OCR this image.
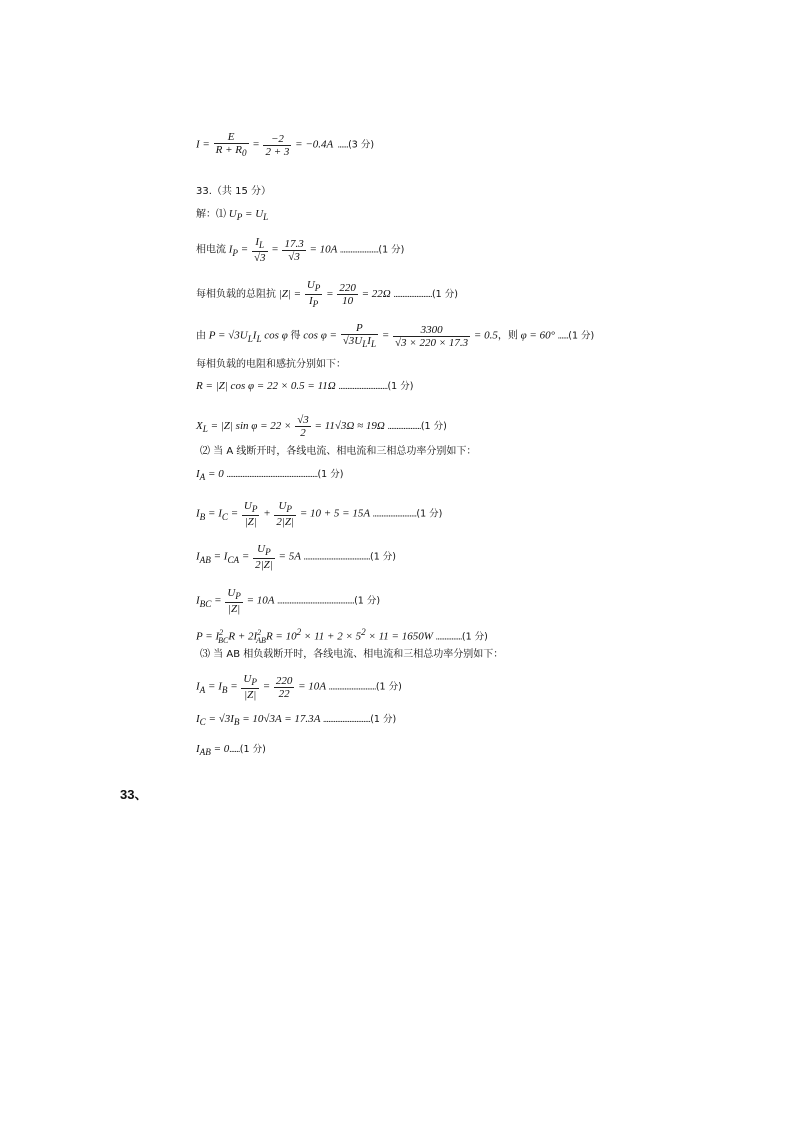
$I = \frac{E}{R + R_0} = \frac{-2}{2 + 3} = -0.4A$  ......(3 分)
33.（共 15 分）
解：⑴ $U_P = U_L$
相电流 $I_P = \frac{I_L}{√3} = \frac{17.3}{√3} = 10A$ ......................(1 分)
每相负载的总阻抗 $|Z| = \frac{U_P}{I_P} = \frac{220}{10} = 22\Omega$ ......................(1 分)
由 $P = √3U_LI_L$ cos φ 得 $\cos \varphi = \frac{P}{√3U_LI_L} = \frac{3300}{√3 \times 220 \times 17.3} = 0.5$，则 φ = 60° ......(1 分)
每相负载的电阻和感抗分别如下：
R = |Z| cos φ = 22 × 0.5 = 11Ω ............................(1 分)
$X_L = |Z|$ $\sin \varphi = 22 \times \frac{√3}{2} = 11√3\Omega \approx 19\Omega$ ...................(1 分)
⑵ 当 A 线断开时，各线电流、相电流和三相总功率分别如下：
$I_A = 0$ ....................................................(1 分)
$I_B = I_C = \frac{U_P}{|Z|} + \frac{U_P}{2|Z|} = 10 + 5 = 15A$ .........................(1 分)
$I_{AB} = I_{CA} = \frac{U_P}{2|Z|} = 5A$ ......................................(1 分)
$I_{BC} = \frac{U_P}{|Z|} = 10A$ ............................................(1 分)
$P = I^2_{BC}R + 2I^2_{AB}R = 10^2 \times 11 + 2 \times 5^2 \times 11 = 1650W$ ...............(1 分)
⑶ 当 AB 相负载断开时，各线电流、相电流和三相总功率分别如下：
$I_A = I_B = \frac{U_P}{|Z|} = \frac{220}{22} = 10A$ ...........................(1 分)
$I_C = √3I_B = 10√3A = 17.3A$ ...........................(1 分)
$I_{AB} = 0......(1$ 分)
33、
